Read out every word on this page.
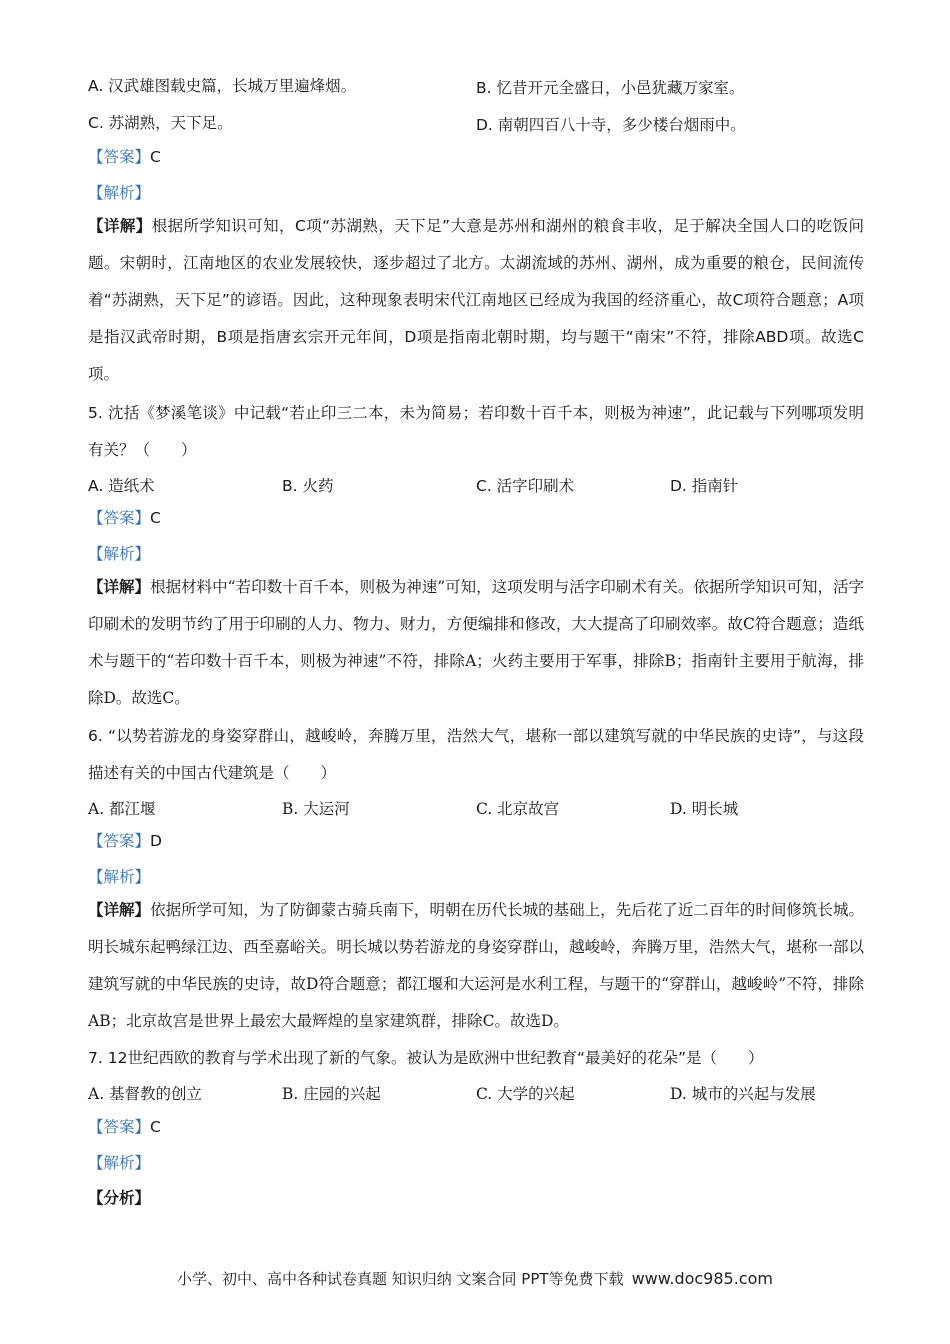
A. 汉武雄图载史篇，长城万里遍烽烟。	B. 忆昔开元全盛日，小邑犹藏万家室。
C. 苏湖熟，天下足。	D. 南朝四百八十寺，多少楼台烟雨中。
【答案】C
【解析】
【详解】根据所学知识可知，C项“苏湖熟，天下足”大意是苏州和湖州的粮食丰收，足于解决全国人口的吃饭问题。宋朝时，江南地区的农业发展较快，逐步超过了北方。太湖流域的苏州、湖州，成为重要的粮仓，民间流传着“苏湖熟，天下足”的谚语。因此，这种现象表明宋代江南地区已经成为我国的经济重心，故C项符合题意；A项是指汉武帝时期，B项是指唐玄宗开元年间，D项是指南北朝时期，均与题干“南宋”不符，排除ABD项。故选C项。
5. 沈括《梦溪笔谈》中记载“若止印三二本，未为简易；若印数十百千本，则极为神速”，此记载与下列哪项发明有关？（　　）
A. 造纸术	B. 火药	C. 活字印刷术	D. 指南针
【答案】C
【解析】
【详解】根据材料中“若印数十百千本，则极为神速”可知，这项发明与活字印刷术有关。依据所学知识可知，活字印刷术的发明节约了用于印刷的人力、物力、财力，方便编排和修改，大大提高了印刷效率。故C符合题意；造纸术与题干的“若印数十百千本，则极为神速”不符，排除A；火药主要用于军事，排除B；指南针主要用于航海，排除D。故选C。
6. “以势若游龙的身姿穿群山，越峻岭，奔腾万里，浩然大气，堪称一部以建筑写就的中华民族的史诗”，与这段描述有关的中国古代建筑是（　　）
A. 都江堰	B. 大运河	C. 北京故宫	D. 明长城
【答案】D
【解析】
【详解】依据所学可知，为了防御蒙古骑兵南下，明朝在历代长城的基础上，先后花了近二百年的时间修筑长城。明长城东起鸭绿江边、西至嘉峪关。明长城以势若游龙的身姿穿群山，越峻岭，奔腾万里，浩然大气，堪称一部以建筑写就的中华民族的史诗，故D符合题意；都江堰和大运河是水利工程，与题干的“穿群山，越峻岭”不符，排除AB；北京故宫是世界上最宏大最辉煌的皇家建筑群，排除C。故选D。
7. 12世纪西欧的教育与学术出现了新的气象。被认为是欧洲中世纪教育“最美好的花朵”是（　　）
A. 基督教的创立	B. 庄园的兴起	C. 大学的兴起	D. 城市的兴起与发展
【答案】C
【解析】
【分析】
小学、初中、高中各种试卷真题 知识归纳 文案合同 PPT等免费下载 www.doc985.com
